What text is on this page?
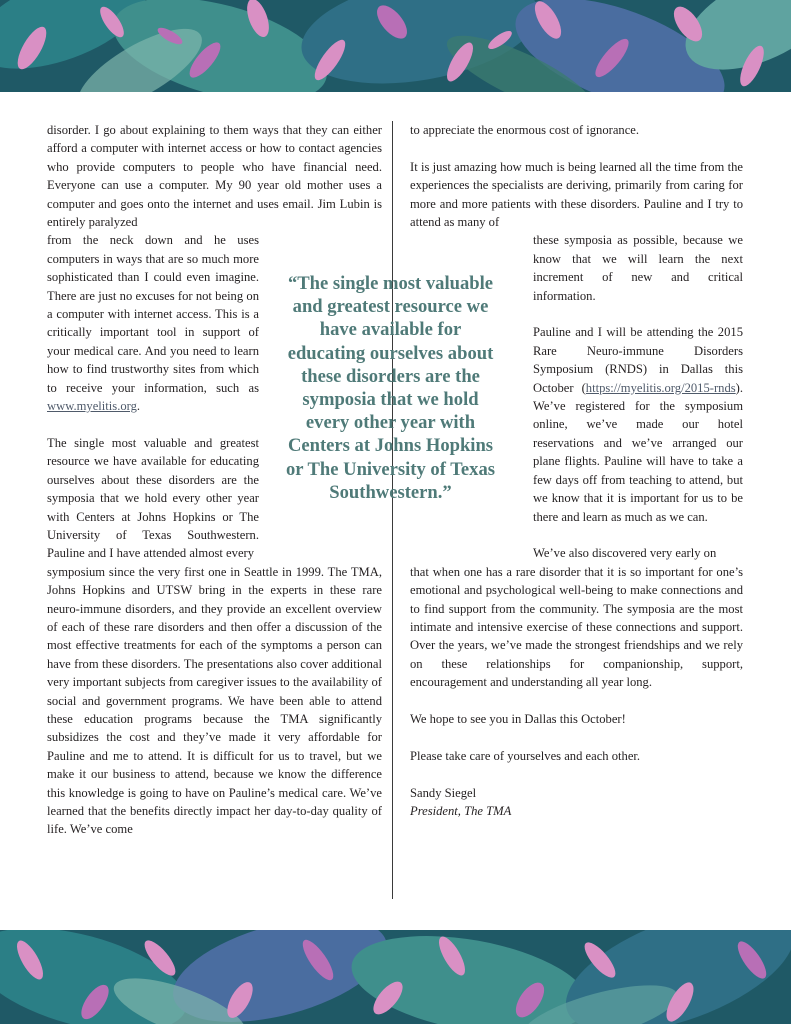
disorder. I go about explaining to them ways that they can either afford a computer with internet access or how to contact agencies who provide computers to people who have financial need. Everyone can use a computer. My 90 year old mother uses a computer and goes onto the internet and uses email. Jim Lubin is entirely paralyzed
from the neck down and he uses computers in ways that are so much more sophisticated than I could even imagine. There are just no excuses for not being on a computer with internet access. This is a critically important tool in support of your medical care. And you need to learn how to find trustworthy sites from which to receive your information, such as www.myelitis.org.

The single most valuable and greatest resource we have available for educating ourselves about these disorders are the symposia that we hold every other year with Centers at Johns Hopkins or The University of Texas Southwestern. Pauline and I have attended almost every
symposium since the very first one in Seattle in 1999. The TMA, Johns Hopkins and UTSW bring in the experts in these rare neuro-immune disorders, and they provide an excellent overview of each of these rare disorders and then offer a discussion of the most effective treatments for each of the symptoms a person can have from these disorders. The presentations also cover additional very important subjects from caregiver issues to the availability of social and government programs. We have been able to attend these education programs because the TMA significantly subsidizes the cost and they’ve made it very affordable for Pauline and me to attend. It is difficult for us to travel, but we make it our business to attend, because we know the difference this knowledge is going to have on Pauline’s medical care. We’ve learned that the benefits directly impact her day-to-day quality of life. We’ve come

“The single most valuable and greatest resource we have available for educating ourselves about these disorders are the symposia that we hold every other year with Centers at Johns Hopkins or The University of Texas Southwestern.”

to appreciate the enormous cost of ignorance.

It is just amazing how much is being learned all the time from the experiences the specialists are deriving, primarily from caring for more and more patients with these disorders. Pauline and I try to attend as many of
these symposia as possible, because we know that we will learn the next increment of new and critical information.

Pauline and I will be attending the 2015 Rare Neuro-immune Disorders Symposium (RNDS) in Dallas this October (https://myelitis.org/2015-rnds). We’ve registered for the symposium online, we’ve made our hotel reservations and we’ve arranged our plane flights. Pauline will have to take a few days off from teaching to attend, but we know that it is important for us to be there and learn as much as we can.

We’ve also discovered very early on
that when one has a rare disorder that it is so important for one’s emotional and psychological well-being to make connections and to find support from the community. The symposia are the most intimate and intensive exercise of these connections and support. Over the years, we’ve made the strongest friendships and we rely on these relationships for companionship, support, encouragement and understanding all year long.

We hope to see you in Dallas this October!

Please take care of yourselves and each other.

Sandy Siegel

President, The TMA
